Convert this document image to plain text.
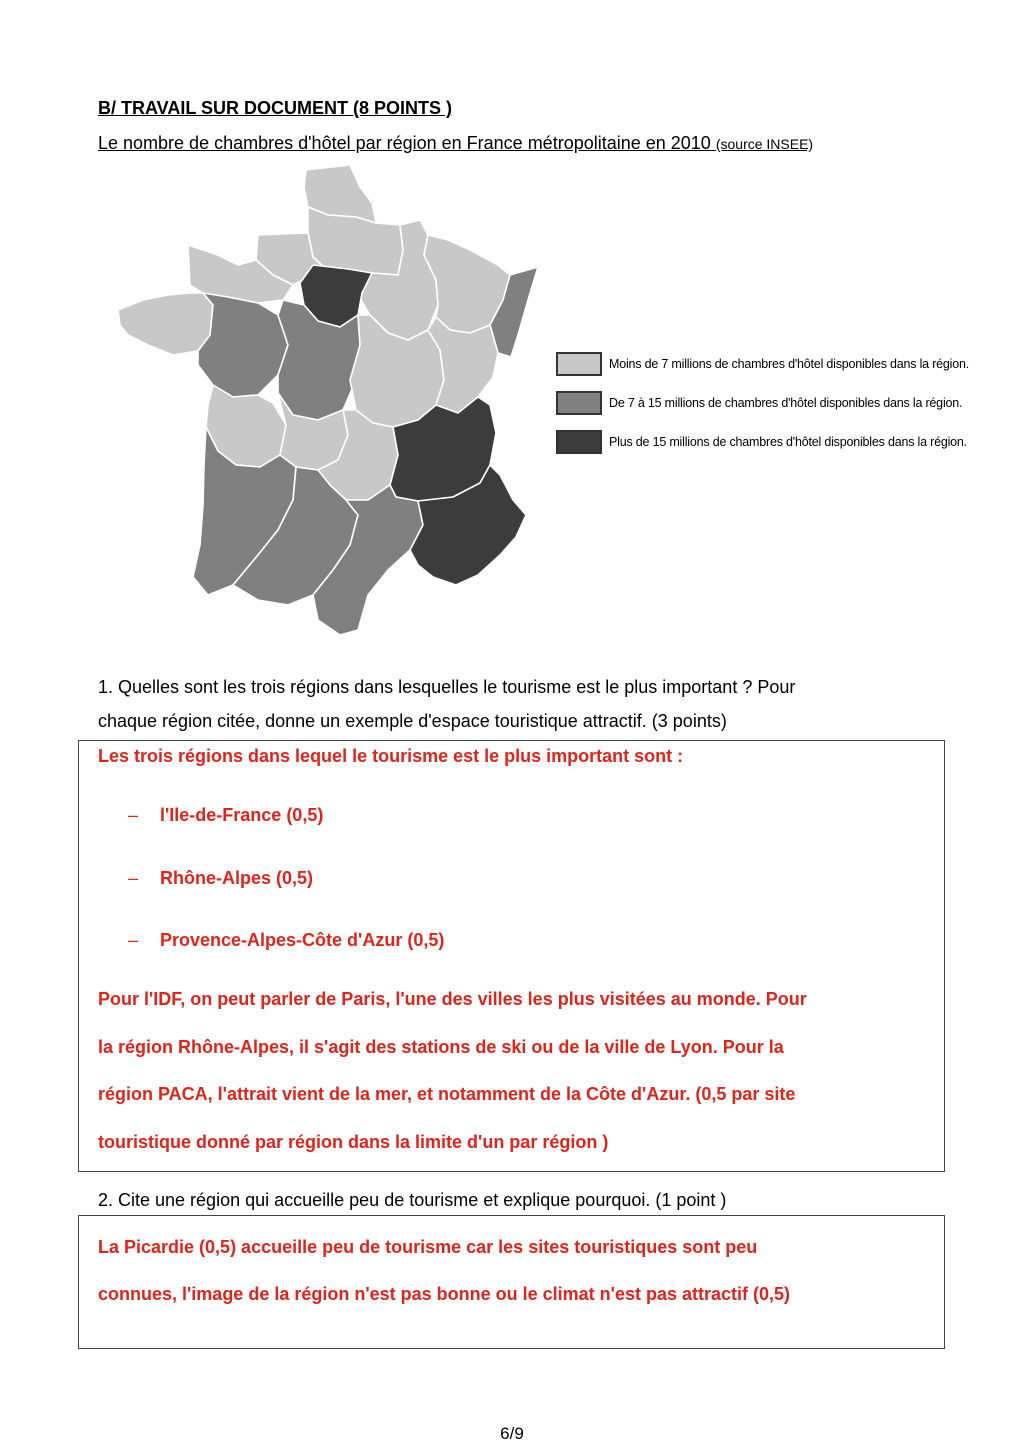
B/ TRAVAIL SUR DOCUMENT (8 POINTS )
Le nombre de chambres d'hôtel par région en France métropolitaine en 2010 (source INSEE)
Moins de 7 millions de chambres d'hôtel disponibles dans la région.
De 7 à 15 millions de chambres d'hôtel disponibles dans la région.
Plus de 15 millions de chambres d'hôtel disponibles dans la région.
1. Quelles sont les trois régions dans lesquelles le tourisme est le plus important ? Pour
chaque région citée, donne un exemple d'espace touristique attractif. (3 points)
Les trois régions dans lequel le tourisme est le plus important sont :
– l'Ile-de-France (0,5)
– Rhône-Alpes (0,5)
– Provence-Alpes-Côte d'Azur (0,5)
Pour l'IDF, on peut parler de Paris, l'une des villes les plus visitées au monde. Pour
la région Rhône-Alpes, il s'agit des stations de ski ou de la ville de Lyon. Pour la
région PACA, l'attrait vient de la mer, et notamment de la Côte d'Azur. (0,5 par site
touristique donné par région dans la limite d'un par région )
2. Cite une région qui accueille peu de tourisme et explique pourquoi. (1 point )
La Picardie (0,5) accueille peu de tourisme car les sites touristiques sont peu
connues, l'image de la région n'est pas bonne ou le climat n'est pas attractif (0,5)
6/9
